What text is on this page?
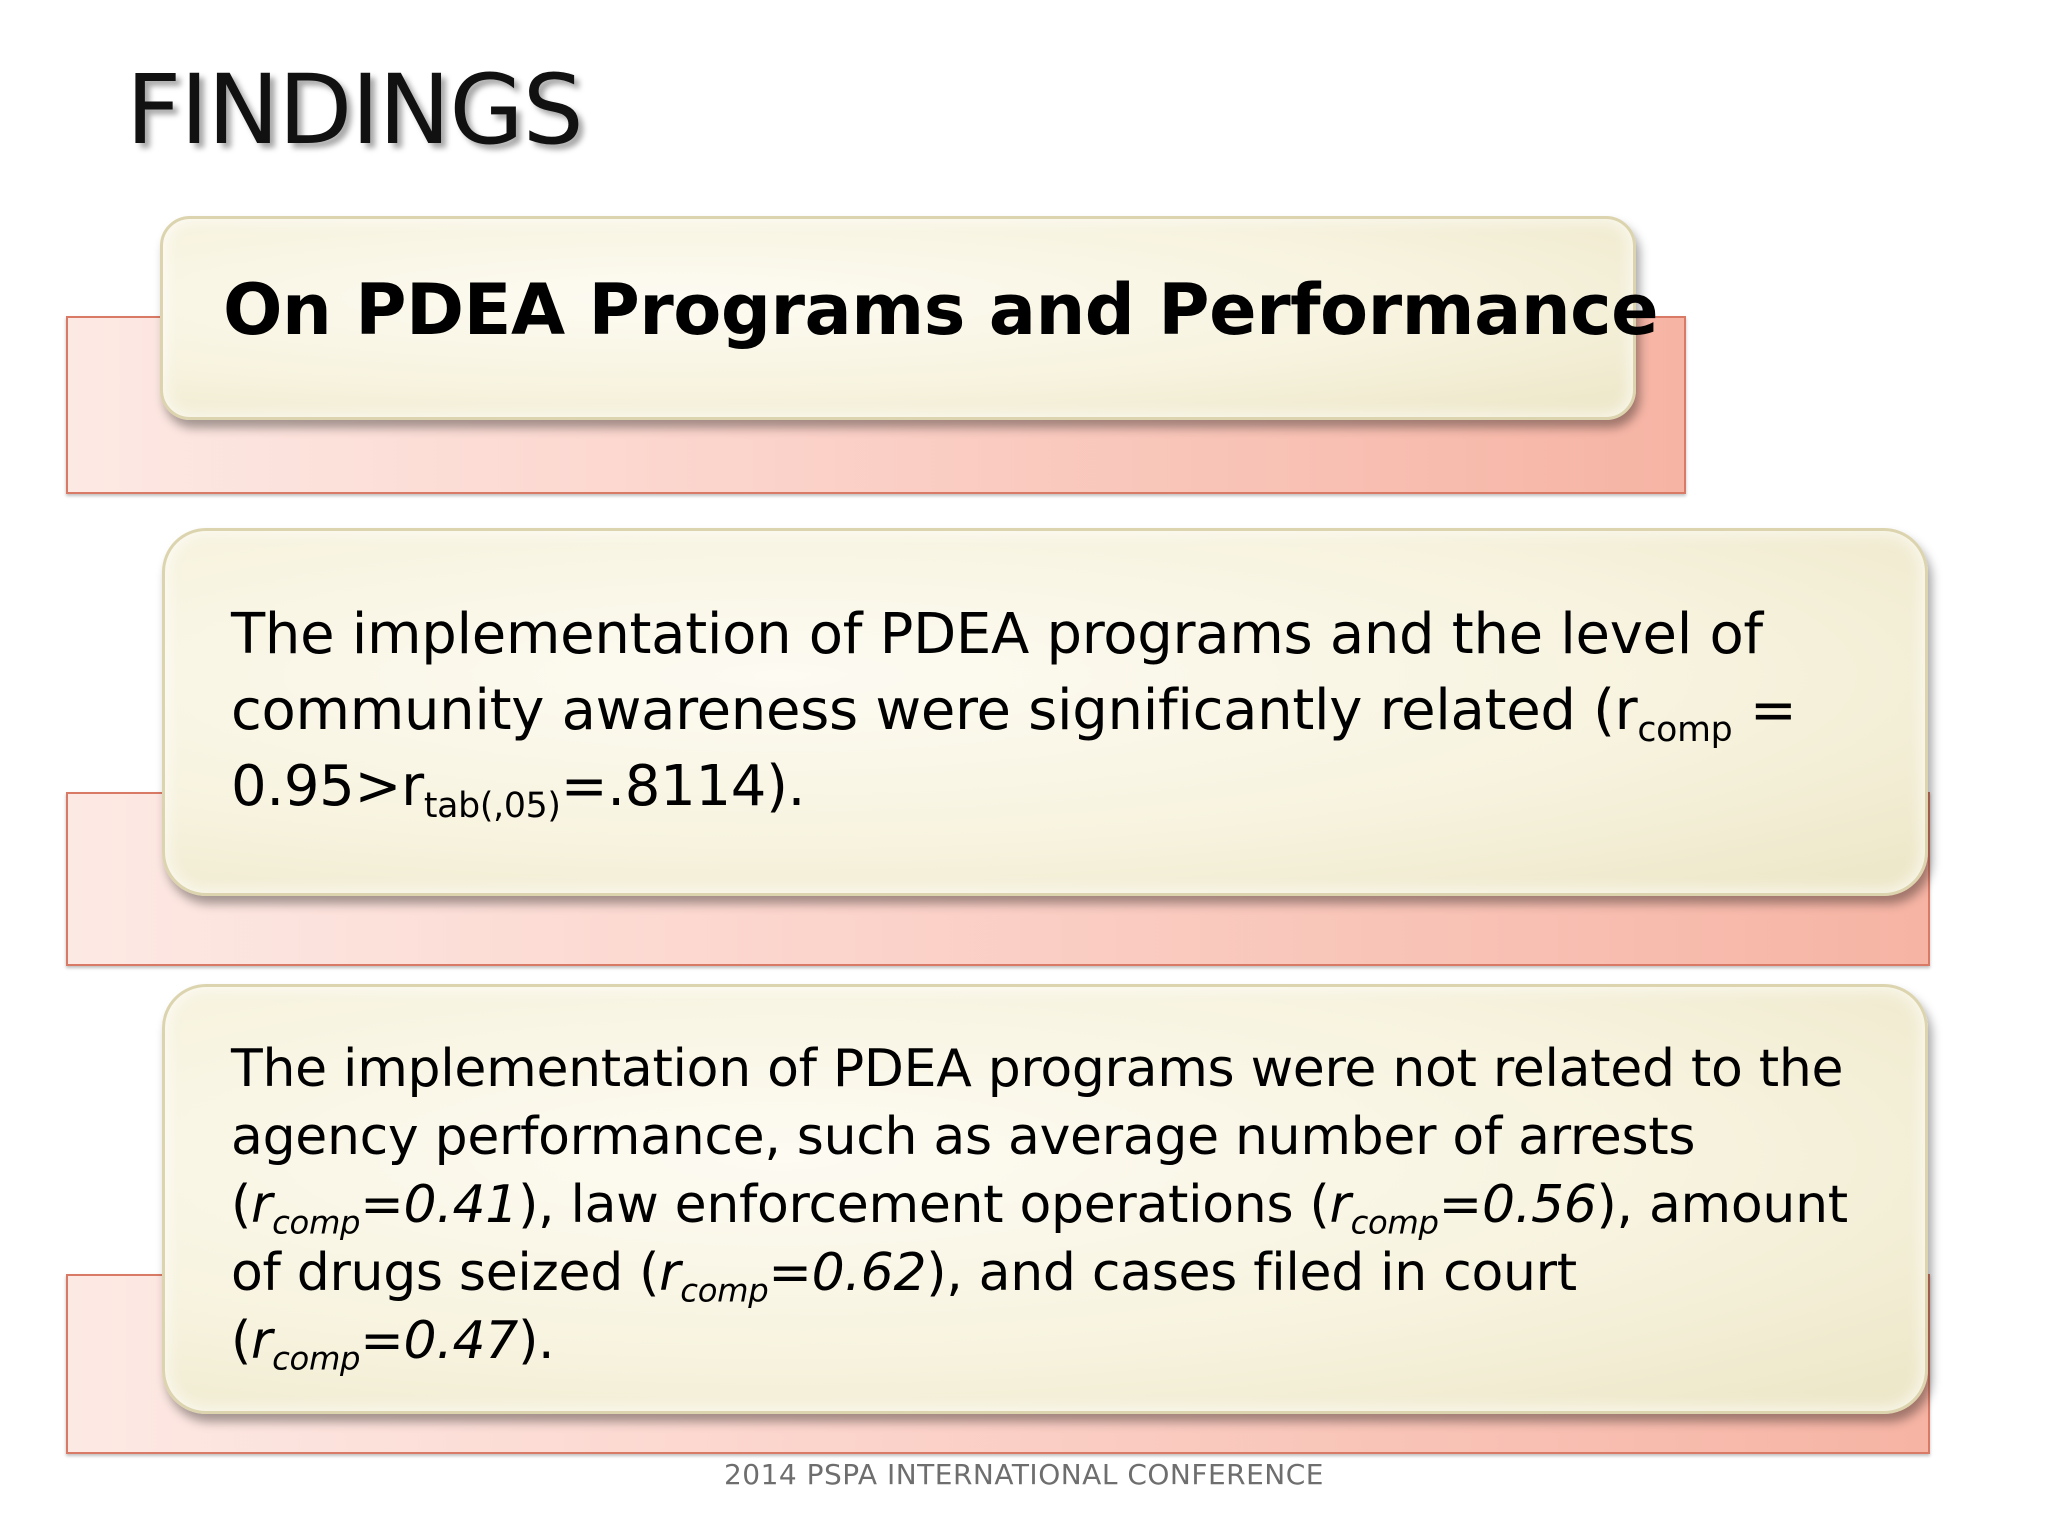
FINDINGS
On PDEA Programs and Performance
The implementation of PDEA programs and the level of community awareness were significantly related $(r_{comp} = 0.95>r_{tab(,05)}=.8114)$.
The implementation of PDEA programs were not related to the agency performance, such as average number of arrests $(r_{comp}=0.41)$, law enforcement operations $(r_{comp}=0.56)$, amount of drugs seized $(r_{comp}=0.62)$, and cases filed in court $(r_{comp}=0.47)$.
2014 PSPA INTERNATIONAL CONFERENCE
